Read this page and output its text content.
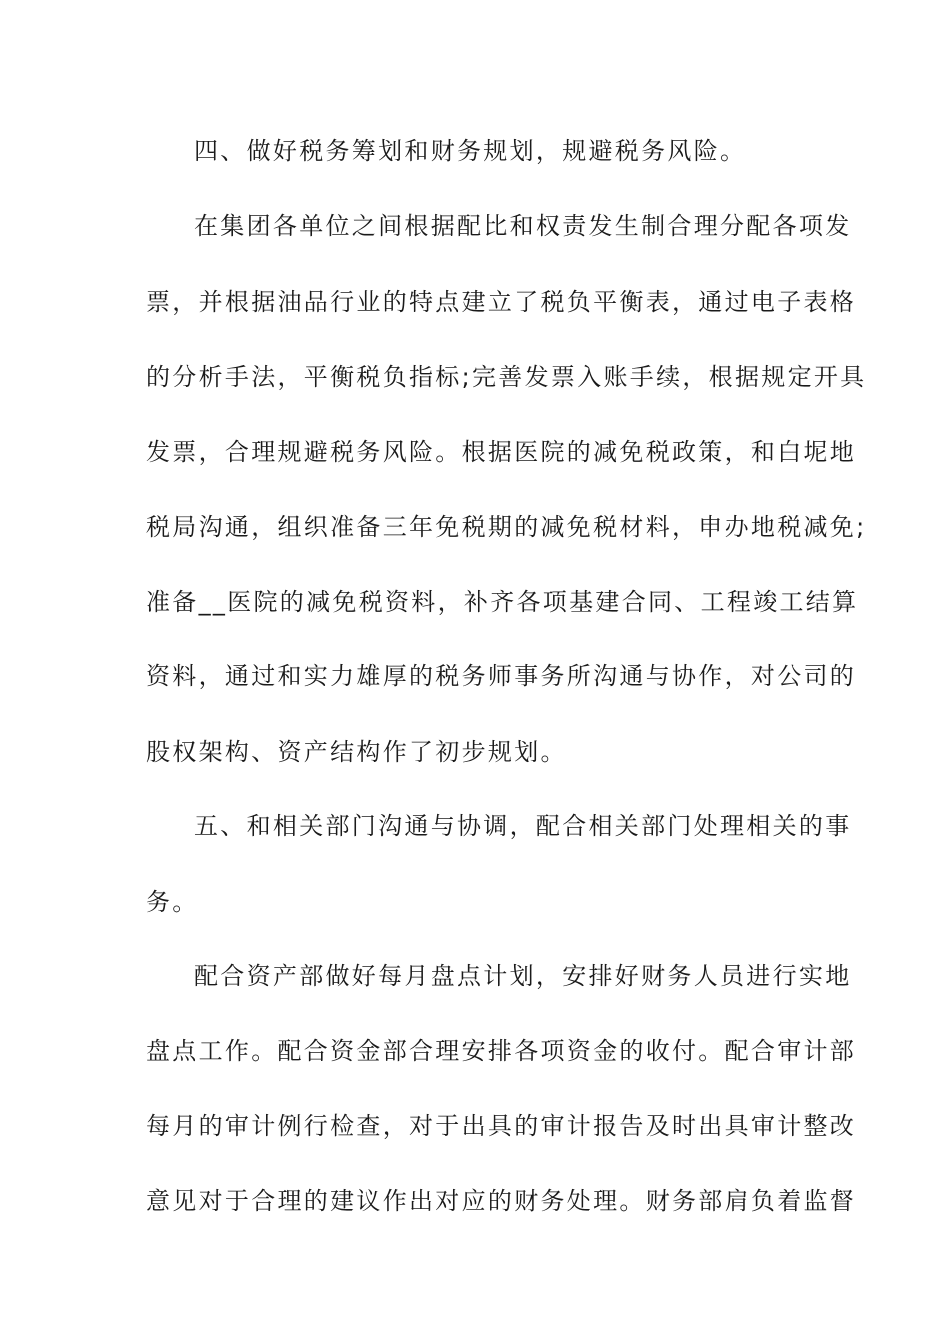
四、做好税务筹划和财务规划，规避税务风险。
在集团各单位之间根据配比和权责发生制合理分配各项发
票，并根据油品行业的特点建立了税负平衡表，通过电子表格
的分析手法，平衡税负指标;完善发票入账手续，根据规定开具
发票，合理规避税务风险。根据医院的减免税政策，和白坭地
税局沟通，组织准备三年免税期的减免税材料，申办地税减免;
准备__医院的减免税资料，补齐各项基建合同、工程竣工结算
资料，通过和实力雄厚的税务师事务所沟通与协作，对公司的
股权架构、资产结构作了初步规划。
五、和相关部门沟通与协调，配合相关部门处理相关的事
务。
配合资产部做好每月盘点计划，安排好财务人员进行实地
盘点工作。配合资金部合理安排各项资金的收付。配合审计部
每月的审计例行检查，对于出具的审计报告及时出具审计整改
意见对于合理的建议作出对应的财务处理。财务部肩负着监督
